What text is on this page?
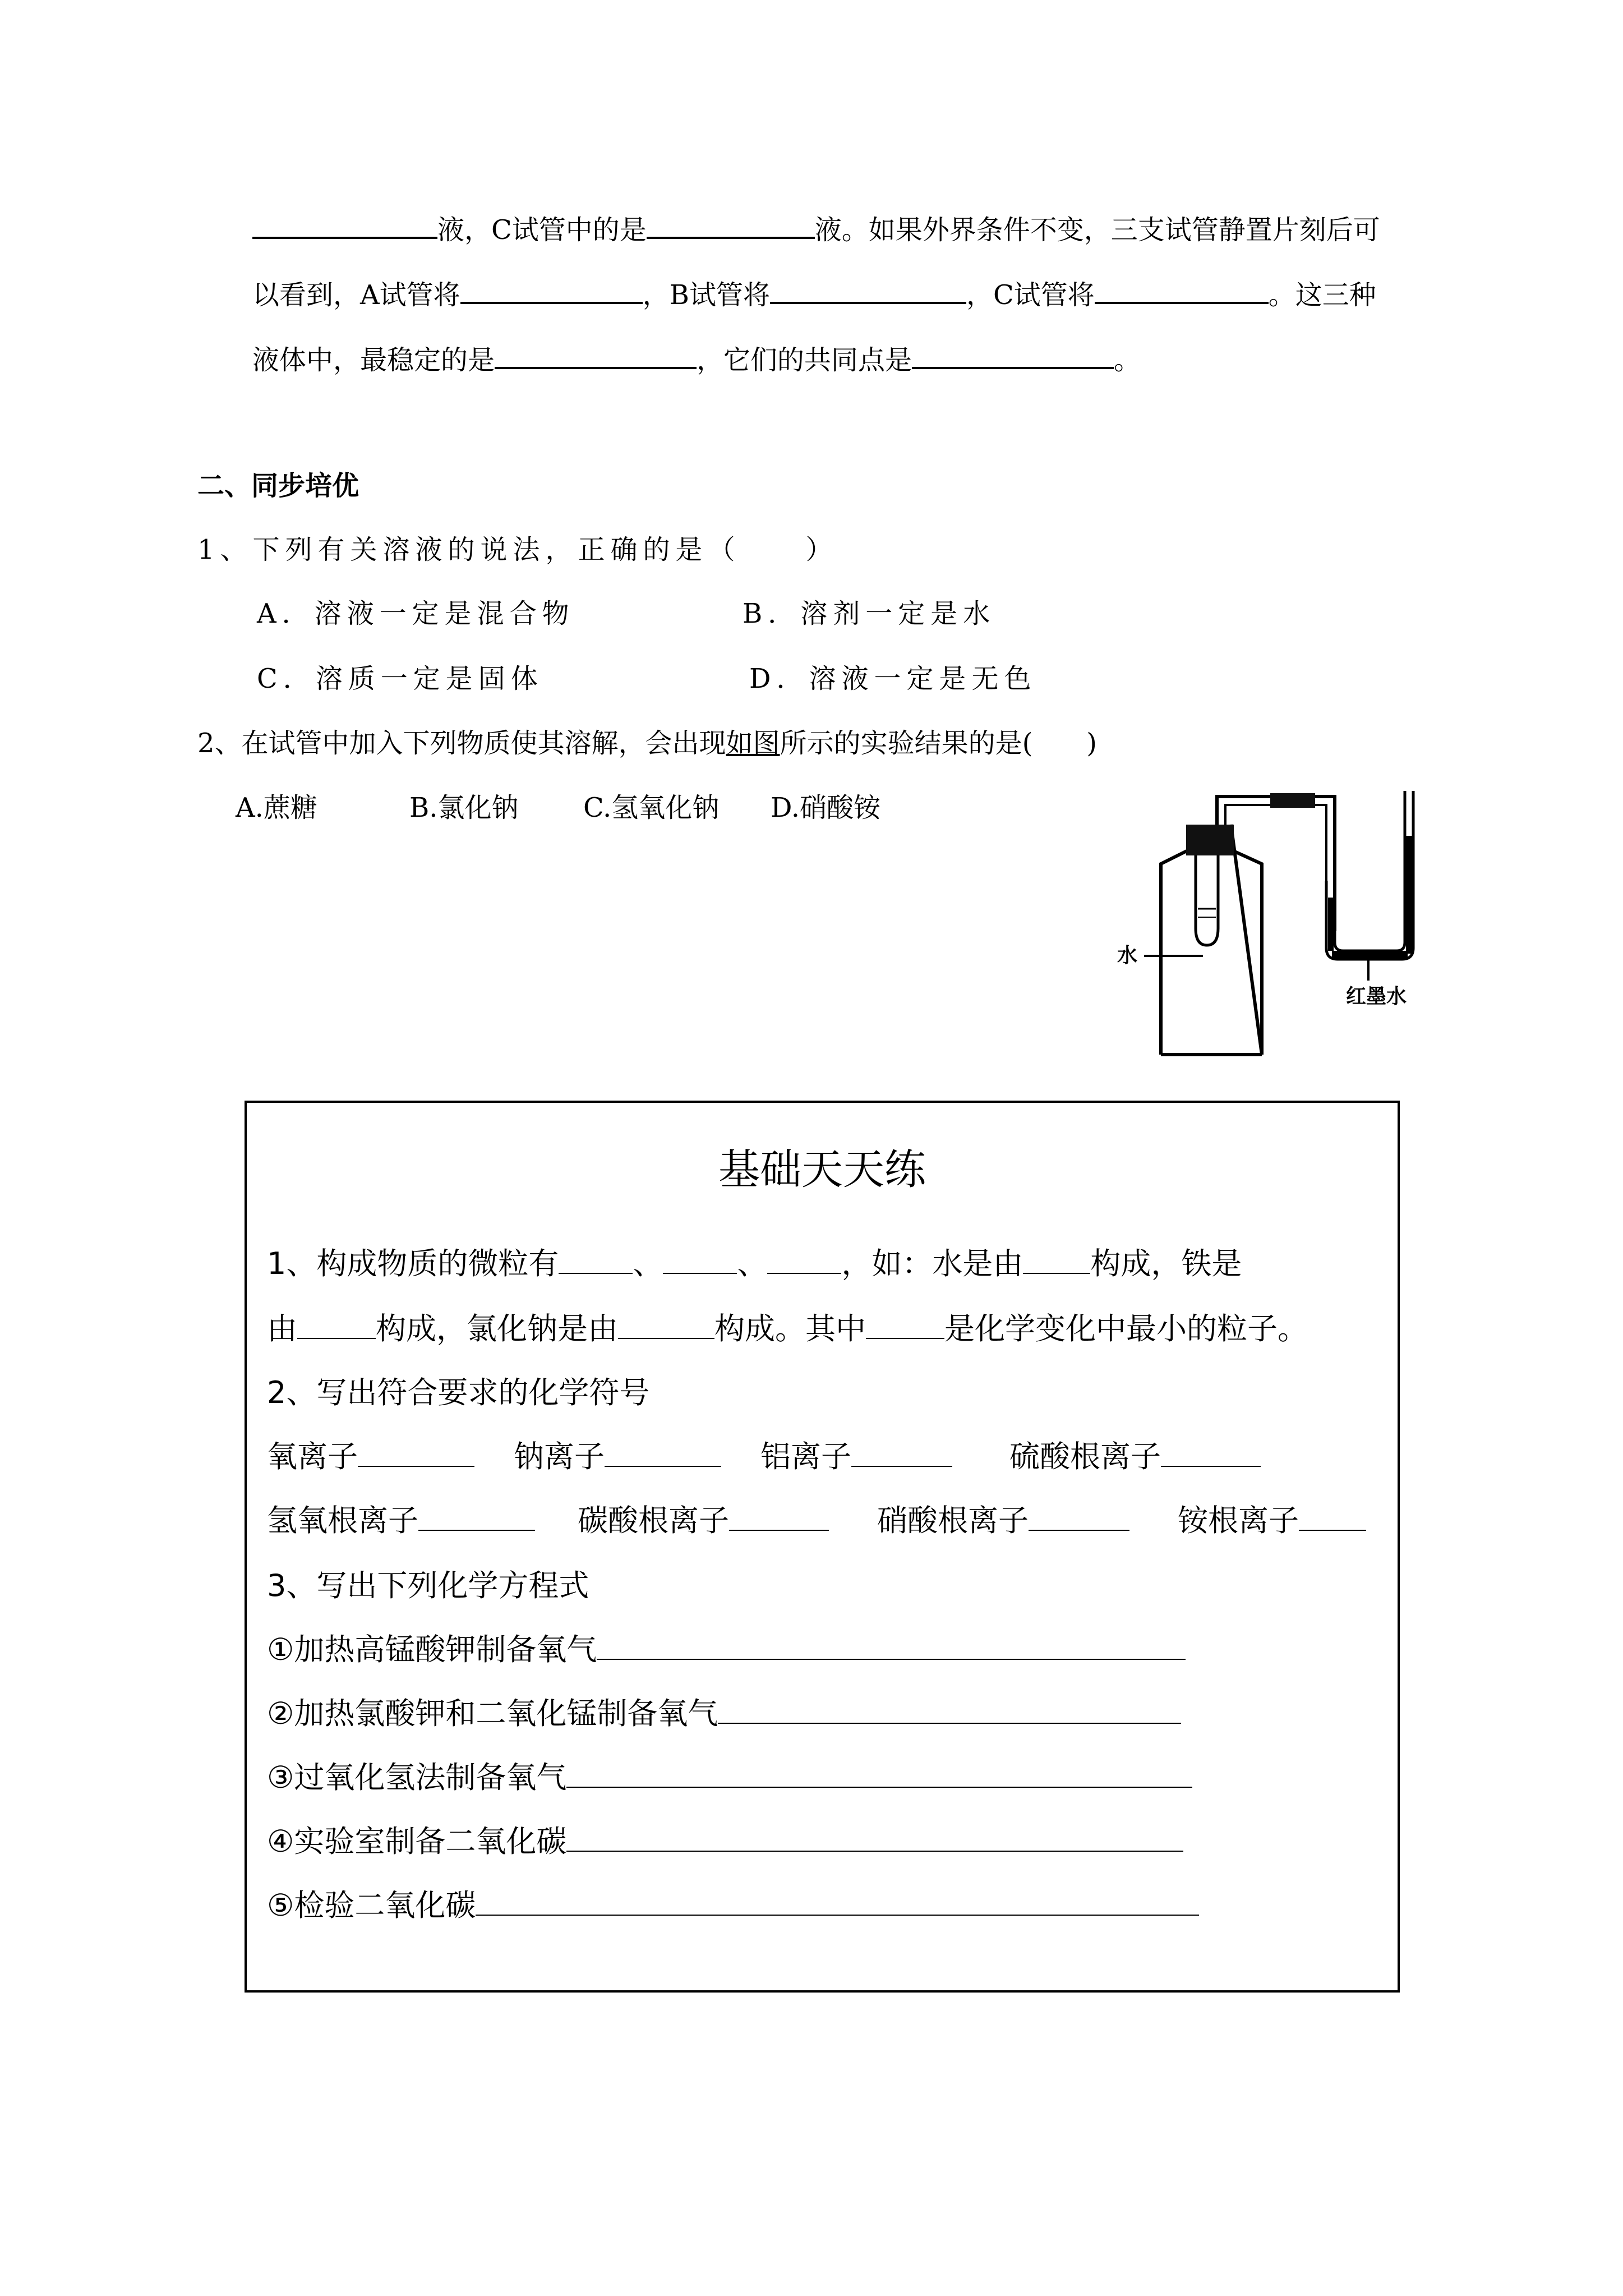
液，C试管中的是	液。如果外界条件不变，三支试管静置片刻后可
以看到，A试管将	，B试管将	，C试管将	。这三种
液体中，最稳定的是	，它们的共同点是	。
二、同步培优
1、下列有关溶液的说法，正确的是（　　）
A．溶液一定是混合物	B．溶剂一定是水
C．溶质一定是固体	D．溶液一定是无色
2、在试管中加入下列物质使其溶解，会出现如图所示的实验结果的是(　　)
A.蔗糖	B.氯化钠 C.氢氧化钠 D.硝酸铵
水
红墨水
基础天天练
1、构成物质的微粒有 、 、 ，如：水是由 构成，铁是
由	构成，氯化钠是由	构成。其中	是化学变化中最小的粒子。
2、写出符合要求的化学符号
氧离子	钠离子	铝离子	硫酸根离子
氢氧根离子	碳酸根离子	硝酸根离子	铵根离子
3、写出下列化学方程式
①加热高锰酸钾制备氧气
②加热氯酸钾和二氧化锰制备氧气
③过氧化氢法制备氧气
④实验室制备二氧化碳
⑤检验二氧化碳
